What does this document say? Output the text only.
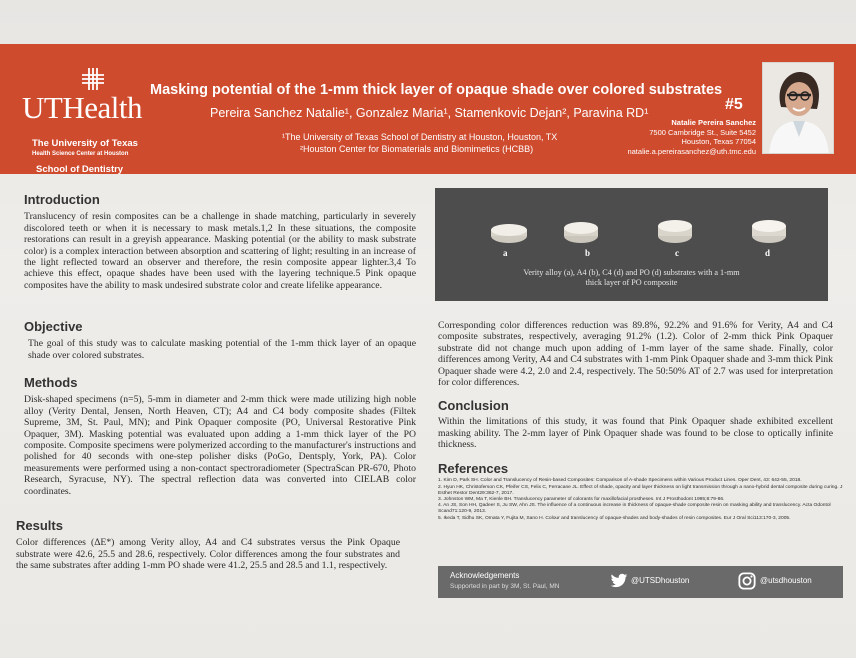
UTHealth
The University of Texas
Health Science Center at Houston
School of Dentistry
Masking potential of the 1-mm thick layer of opaque shade over colored substrates
Pereira Sanchez Natalie¹, Gonzalez Maria¹, Stamenkovic Dejan², Paravina RD¹
¹The University of Texas School of Dentistry at Houston, Houston, TX
²Houston Center for Biomaterials and Biomimetics (HCBB)
#5
Natalie Pereira Sanchez
7500 Cambridge St., Suite 5452
Houston, Texas 77054
natalie.a.pereirasanchez@uth.tmc.edu
Introduction

Translucency of resin composites can be a challenge in shade matching, particularly in severely discolored teeth or when it is necessary to mask metals.1,2 In these situations, the composite restorations can result in a greyish appearance. Masking potential (or the ability to mask substrate color) is a complex interaction between absorption and scattering of light; resulting in an increase of the light reflected toward an observer and therefore, the resin composite appear lighter.3,4 To achieve this effect, opaque shades have been used with the layering technique.5 Pink opaque composites have the ability to mask undesired substrate color and create lifelike appearance.

Objective

The goal of this study was to calculate masking potential of the 1-mm thick layer of an opaque shade over colored substrates.

Methods

Disk-shaped specimens (n=5), 5-mm in diameter and 2-mm thick were made utilizing high noble alloy (Verity Dental, Jensen, North Heaven, CT); A4 and C4 body composite shades (Filtek Supreme, 3M, St. Paul, MN); and Pink Opaquer composite (PO, Universal Restorative Pink Opaquer, 3M). Masking potential was evaluated upon adding a 1-mm thick layer of the PO composite. Composite specimens were polymerized according to the manufacturer's instructions and polished for 40 seconds with one-step polisher disks (PoGo, Dentsply, York, PA). Color measurements were performed using a non-contact spectroradiometer (SpectraScan PR-670, Photo Research, Syracuse, NY). The spectral reflection data was converted into CIELAB color coordinates.

Results

Color differences (ΔE*) among Verity alloy, A4 and C4 substrates versus the Pink Opaque substrate were 42.6, 25.5 and 28.6, respectively. Color differences among the four substrates and the same substrates after adding 1-mm PO shade were 41.2, 25.5 and 28.5 and 1.1, respectively.

a	b	c	d
Verity alloy (a), A4 (b), C4 (d) and PO (d) substrates with a 1-mm
thick layer of PO composite

Corresponding color differences reduction was 89.8%, 92.2% and 91.6% for Verity, A4 and C4 composite substrates, respectively, averaging 91.2% (1.2). Color of 2-mm thick Pink Opaquer substrate did not change much upon adding of 1-mm layer of the same shade. Finally, color differences among Verity, A4 and C4 substrates with 1-mm Pink Opaquer shade and 3-mm thick Pink Opaquer shade were 4.2, 2.0 and 2.4, respectively. The 50:50% AT of 2.7 was used for interpretation for color differences.

Conclusion

Within the limitations of this study, it was found that Pink Opaquer shade exhibited excellent masking ability. The 2-mm layer of Pink Opaquer shade was found to be close to optically infinite thickness.

References
1. Kim D, Park SH. Color and Translucency of Resin-based Composites: Comparison of A-shade Specimens within Various Product Lines. Oper Dent, 43: 642-55, 2018.
2. Hyun HK, Christoferson CK, Pfeifer CS, Felix C, Ferracane JL. Effect of shade, opacity and layer thickness on light transmission through a nano-hybrid dental composite during curing. J Esthet Restor Dent29:362-7, 2017.
3. Johnston WM, Ma T, Kienle BH. Translucency parameter of colorants for maxillofacial prostheses. Int J Prosthodont 1995;8:79-86.
4. An JS, Son HH, Qadeer S, Ju SW, Ahn JS. The influence of a continuous increase in thickness of opaque-shade composite resin on masking ability and translucency. Acta Odontol Scand71:120-9, 2013.
5. Ikeda T, Sidhu SK, Omata Y, Fujita M, Sano H. Colour and translucency of opaque-shades and body-shades of resin composites. Eur J Oral Sci113:170-3, 2005.
Acknowledgements
Supported in part by 3M, St. Paul, MN
@UTSDhouston	@utsdhouston
